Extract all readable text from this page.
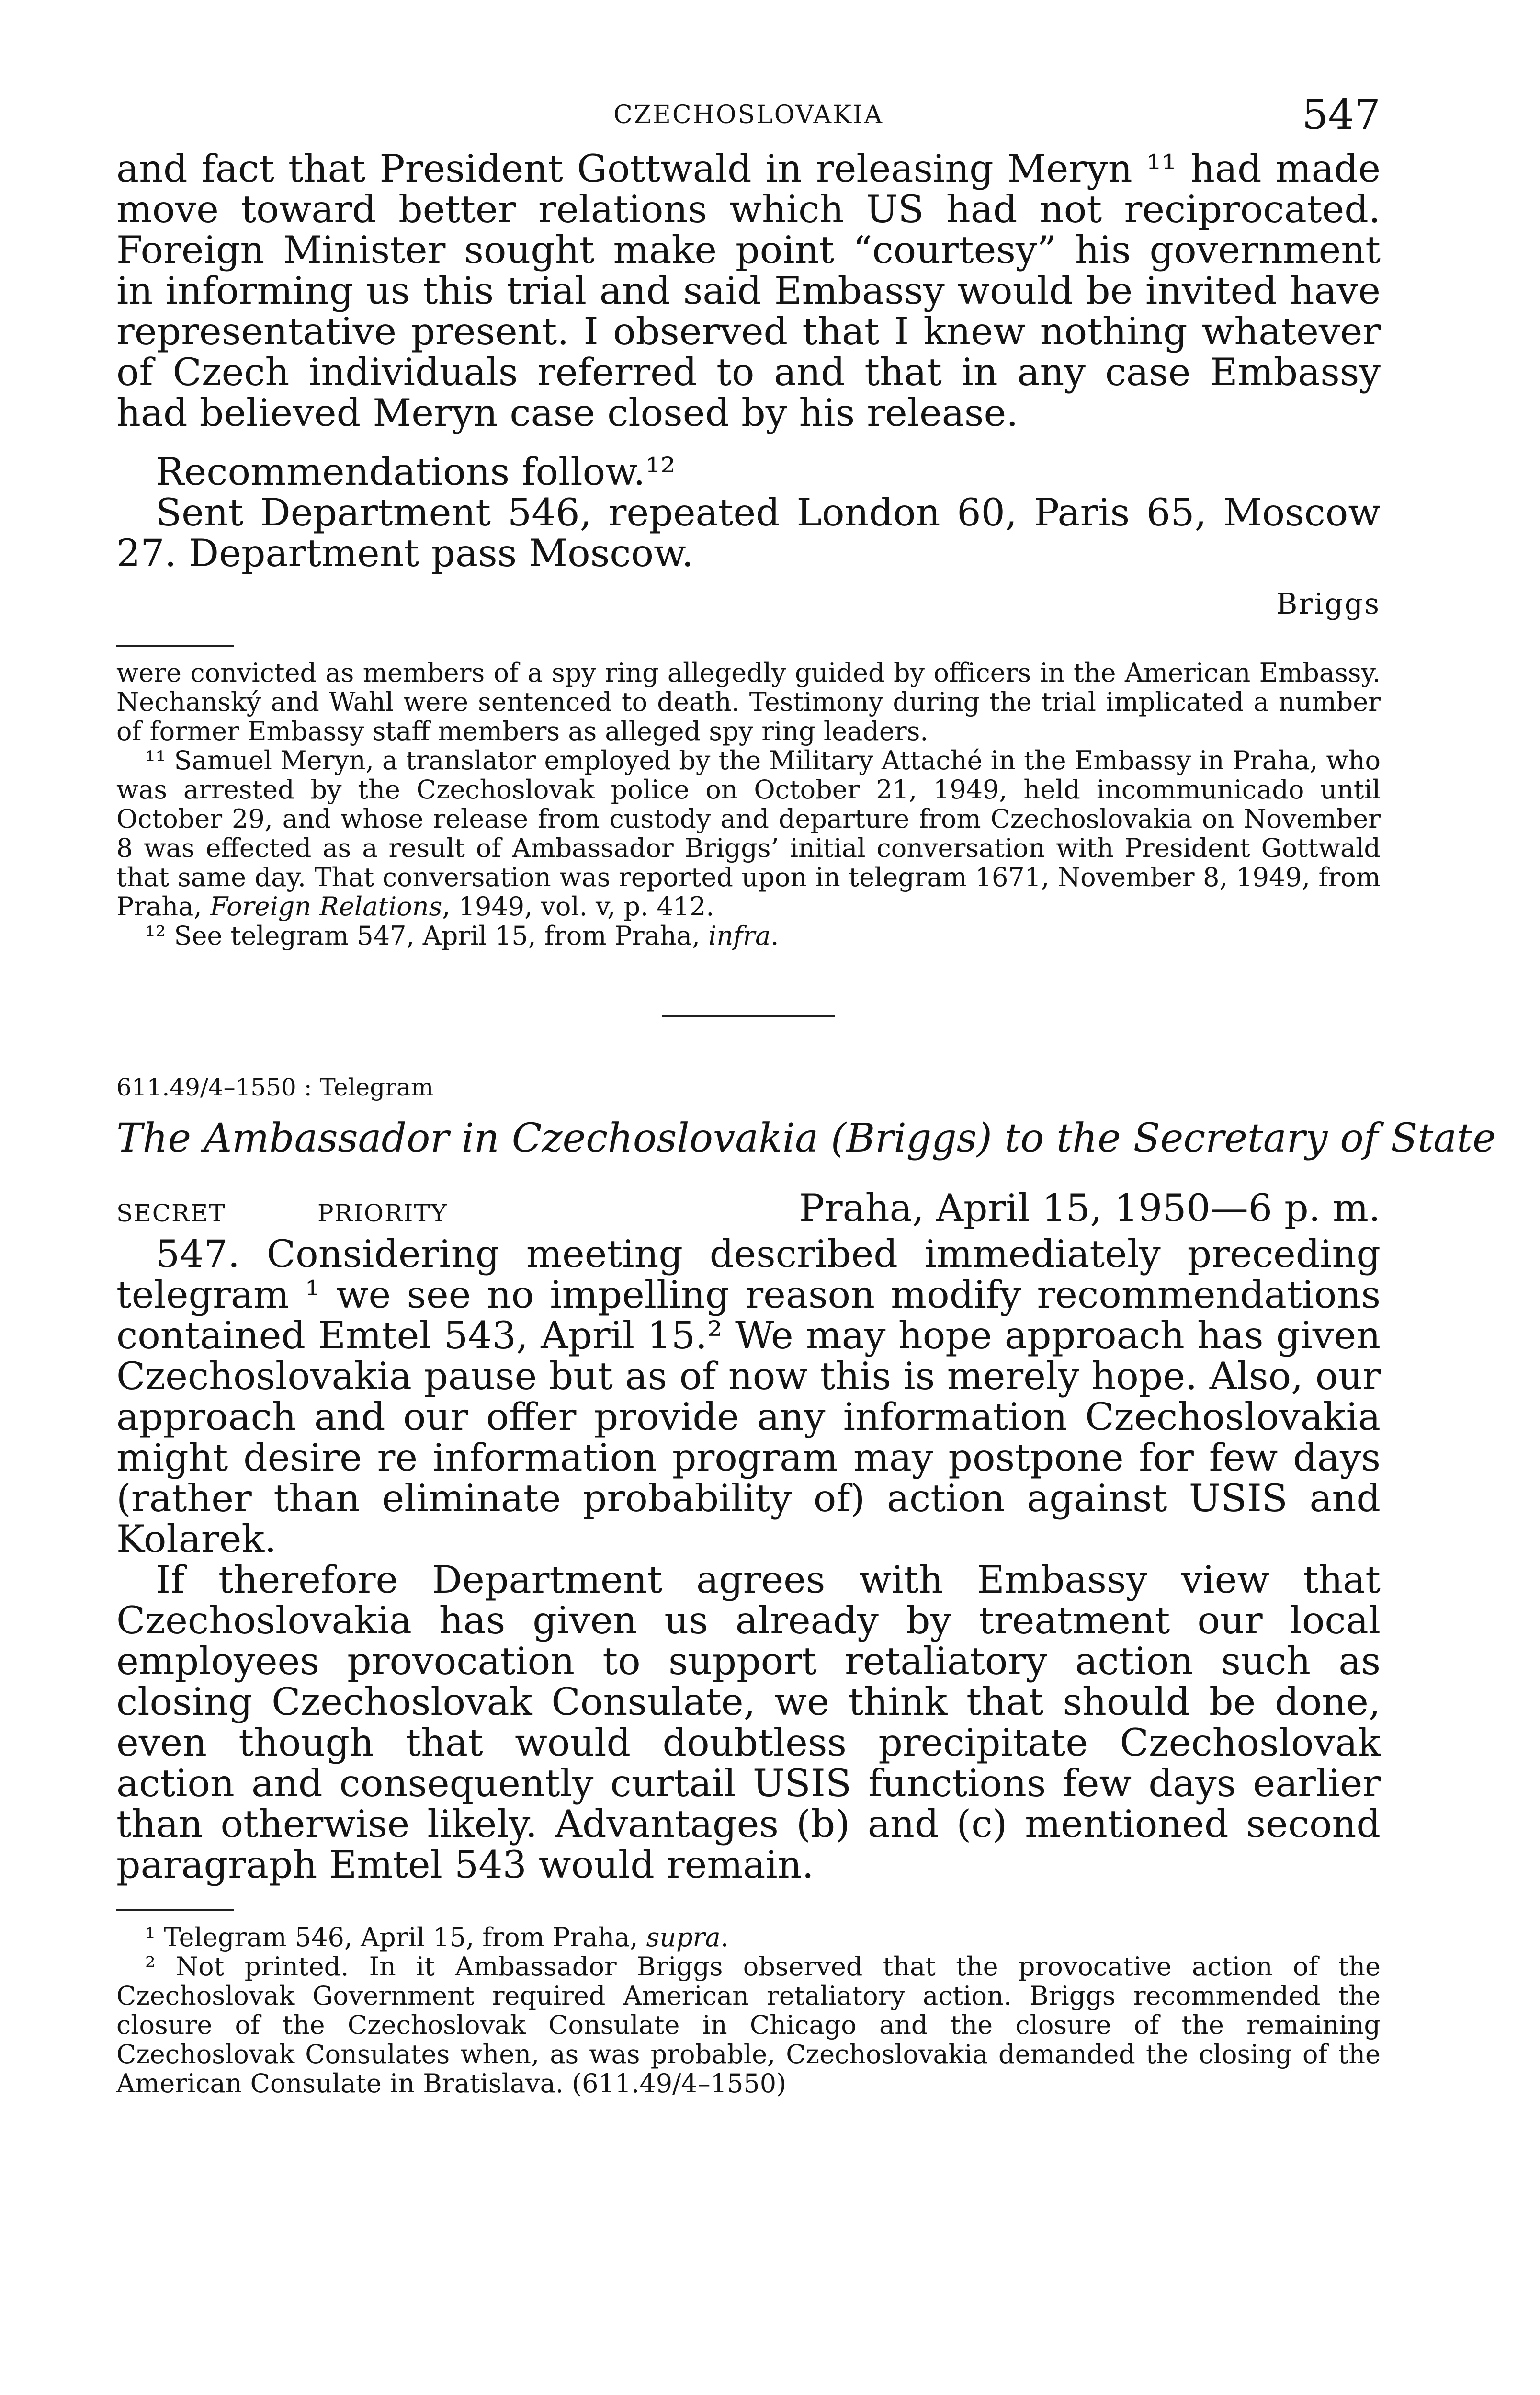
CZECHOSLOVAKIA	547

and fact that President Gottwald in releasing Meryn ¹¹ had made move toward better relations which US had not reciprocated. Foreign Minister sought make point “courtesy” his government in informing us this trial and said Embassy would be invited have representative present. I observed that I knew nothing whatever of Czech individuals referred to and that in any case Embassy had believed Meryn case closed by his release.

Recommendations follow.¹²

Sent Department 546, repeated London 60, Paris 65, Moscow 27. Department pass Moscow.

Briggs

were convicted as members of a spy ring allegedly guided by officers in the American Embassy. Nechanský and Wahl were sentenced to death. Testimony during the trial implicated a number of former Embassy staff members as alleged spy ring leaders.

¹¹ Samuel Meryn, a translator employed by the Military Attaché in the Embassy in Praha, who was arrested by the Czechoslovak police on October 21, 1949, held incommunicado until October 29, and whose release from custody and departure from Czechoslovakia on November 8 was effected as a result of Ambassador Briggs’ initial conversation with President Gottwald that same day. That conversation was reported upon in telegram 1671, November 8, 1949, from Praha, Foreign Relations, 1949, vol. v, p. 412.

¹² See telegram 547, April 15, from Praha, infra.

611.49/4–1550 : Telegram
The Ambassador in Czechoslovakia (Briggs) to the Secretary of State
SECRET	PRIORITY	Praha, April 15, 1950—6 p. m.

547. Considering meeting described immediately preceding telegram ¹ we see no impelling reason modify recommendations contained Emtel 543, April 15.² We may hope approach has given Czechoslovakia pause but as of now this is merely hope. Also, our approach and our offer provide any information Czechoslovakia might desire re information program may postpone for few days (rather than eliminate probability of) action against USIS and Kolarek.

If therefore Department agrees with Embassy view that Czechoslovakia has given us already by treatment our local employees provocation to support retaliatory action such as closing Czechoslovak Consulate, we think that should be done, even though that would doubtless precipitate Czechoslovak action and consequently curtail USIS functions few days earlier than otherwise likely. Advantages (b) and (c) mentioned second paragraph Emtel 543 would remain.

¹ Telegram 546, April 15, from Praha, supra.

² Not printed. In it Ambassador Briggs observed that the provocative action of the Czechoslovak Government required American retaliatory action. Briggs recommended the closure of the Czechoslovak Consulate in Chicago and the closure of the remaining Czechoslovak Consulates when, as was probable, Czechoslovakia demanded the closing of the American Consulate in Bratislava. (611.49/4–1550)
